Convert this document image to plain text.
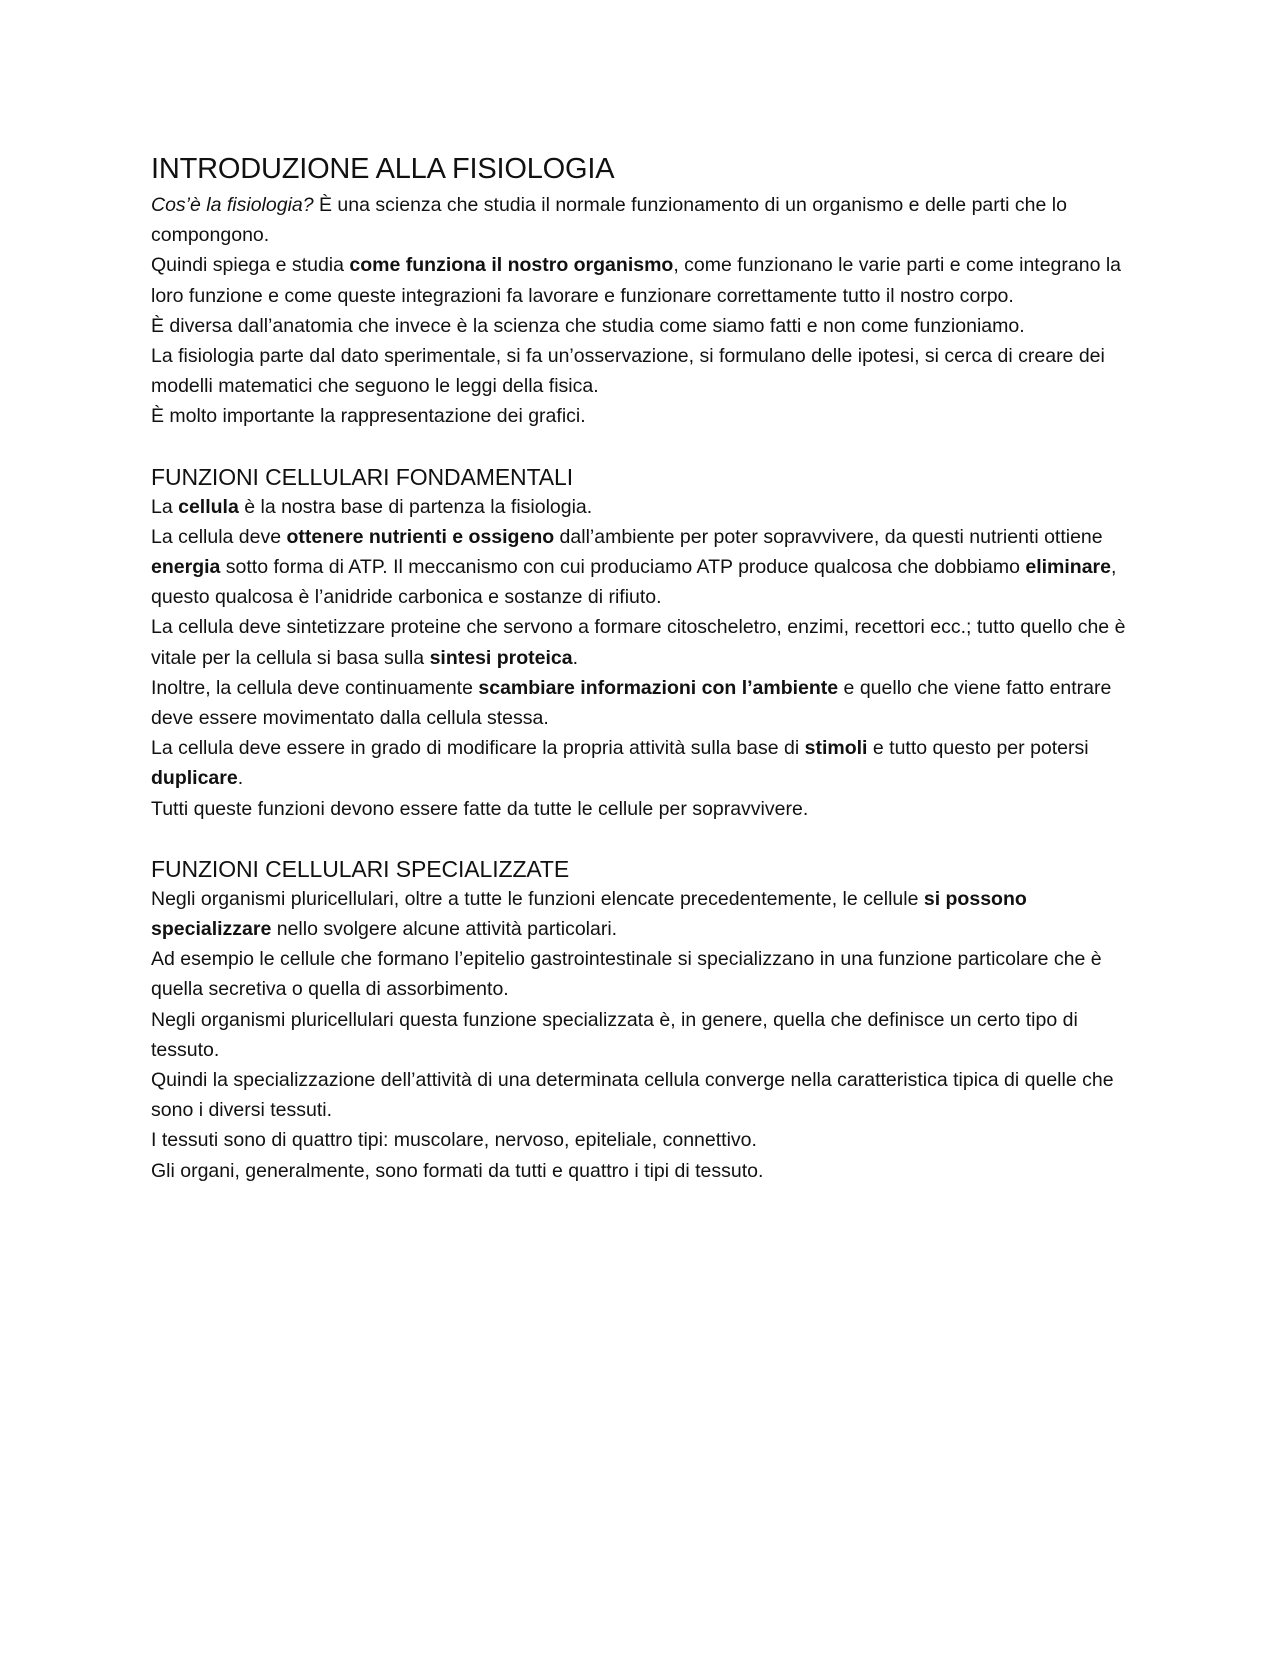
INTRODUZIONE ALLA FISIOLOGIA

Cos’è la fisiologia? È una scienza che studia il normale funzionamento di un organismo e delle parti che lo compongono.

Quindi spiega e studia come funziona il nostro organismo, come funzionano le varie parti e come integrano la loro funzione e come queste integrazioni fa lavorare e funzionare correttamente tutto il nostro corpo.

È diversa dall’anatomia che invece è la scienza che studia come siamo fatti e non come funzioniamo.

La fisiologia parte dal dato sperimentale, si fa un’osservazione, si formulano delle ipotesi, si cerca di creare dei modelli matematici che seguono le leggi della fisica.

È molto importante la rappresentazione dei grafici.

FUNZIONI CELLULARI FONDAMENTALI

La cellula è la nostra base di partenza la fisiologia.

La cellula deve ottenere nutrienti e ossigeno dall’ambiente per poter sopravvivere, da questi nutrienti ottiene energia sotto forma di ATP. Il meccanismo con cui produciamo ATP produce qualcosa che dobbiamo eliminare, questo qualcosa è l’anidride carbonica e sostanze di rifiuto.

La cellula deve sintetizzare proteine che servono a formare citoscheletro, enzimi, recettori ecc.; tutto quello che è vitale per la cellula si basa sulla sintesi proteica.

Inoltre, la cellula deve continuamente scambiare informazioni con l’ambiente e quello che viene fatto entrare deve essere movimentato dalla cellula stessa.

La cellula deve essere in grado di modificare la propria attività sulla base di stimoli e tutto questo per potersi duplicare.

Tutti queste funzioni devono essere fatte da tutte le cellule per sopravvivere.

FUNZIONI CELLULARI SPECIALIZZATE

Negli organismi pluricellulari, oltre a tutte le funzioni elencate precedentemente, le cellule si possono specializzare nello svolgere alcune attività particolari.

Ad esempio le cellule che formano l’epitelio gastrointestinale si specializzano in una funzione particolare che è quella secretiva o quella di assorbimento.

Negli organismi pluricellulari questa funzione specializzata è, in genere, quella che definisce un certo tipo di tessuto.

Quindi la specializzazione dell’attività di una determinata cellula converge nella caratteristica tipica di quelle che sono i diversi tessuti.

I tessuti sono di quattro tipi: muscolare, nervoso, epiteliale, connettivo.

Gli organi, generalmente, sono formati da tutti e quattro i tipi di tessuto.
